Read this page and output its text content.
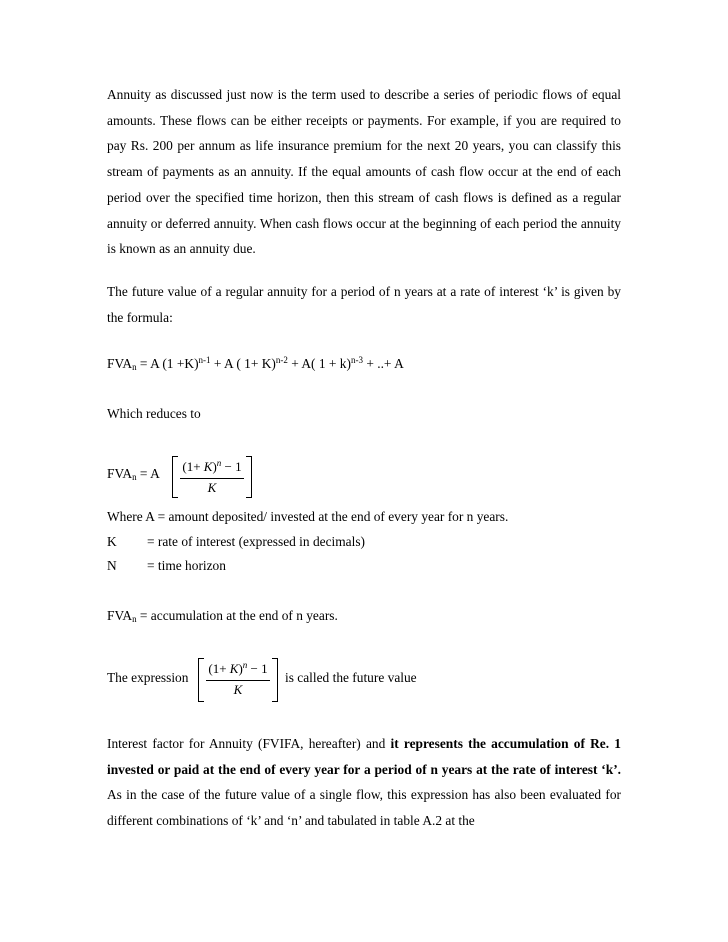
Annuity as discussed just now is the term used to describe a series of periodic flows of equal amounts. These flows can be either receipts or payments. For example, if you are required to pay Rs. 200 per annum as life insurance premium for the next 20 years, you can classify this stream of payments as an annuity. If the equal amounts of cash flow occur at the end of each period over the specified time horizon, then this stream of cash flows is defined as a regular annuity or deferred annuity. When cash flows occur at the beginning of each period the annuity is known as an annuity due.

The future value of a regular annuity for a period of n years at a rate of interest ‘k’ is given by the formula:

$FVA_n = A$ $(1 +K)^{n-1} + A$ ( 1+ K)$^{n-2}$ + A( 1 + k)$^{n-3}$ + ..+ A

Which reduces to

$FVA_n = A$ $(1+ K)^n - 1$
K

Where A = amount deposited/ invested at the end of every year for n years.

K = rate of interest (expressed in decimals)
N = time horizon

$FVA_n$ = accumulation at the end of n years.

The expression

$(1+ K)^n - 1$
K

is called the future value

Interest factor for Annuity (FVIFA, hereafter) and it represents the accumulation of Re. 1 invested or paid at the end of every year for a period of n years at the rate of interest ‘k’. As in the case of the future value of a single flow, this expression has also been evaluated for different combinations of ‘k’ and ‘n’ and tabulated in table A.2 at the
